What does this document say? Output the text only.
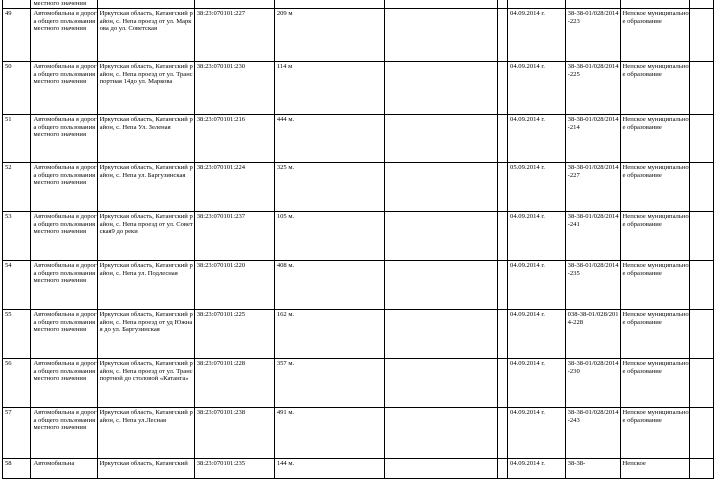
	местного значения									
49	Автомобильна я дорога общего пользования местного значения	Иркутская область, Катангский район, с. Непа проезд от ул. Маркова до ул. Советская	38:23:070101:227	209 м			04.09.2014 г.	38-38-01/028/2014-223	Непское муниципальное образование	
50	Автомобильна я дорога общего пользования местного значения	Иркутская область, Катангский район, с. Непа проезд от ул. Транспортная 14до ул. Маркова	38:23:070101:230	114 м			04.09.2014 г.	38-38-01/028/2014-225	Непское муниципальное образование	
51	Автомобильна я дорога общего пользования местного значения	Иркутская область, Катангский район, с. Непа Ул. Зеленая	38:23:070101:216	444 м.			04.09.2014 г.	38-38-01/028/2014-214	Непское муниципальное образование	
52	Автомобильна я дорога общего пользования местного значения	Иркутская область, Катангский район, с. Непа ул. Баргузинская	38:23:070101:224	325 м.			05.09.2014 г.	38-38-01/028/2014-227	Непское муниципальное образование	
53	Автомобильна я дорога общего пользования местного значения	Иркутская область, Катангский район, с. Непа проезд от ул. Советская9 до реки	38:23:070101:237	105 м.			04.09.2014 г.	38-38-01/028/2014-241	Непское муниципальное образование	
54	Автомобильна я дорога общего пользования местного значения	Иркутская область, Катангский район, с. Непа ул. Подлесная	38:23:070101:220	408 м.			04.09.2014 г.	38-38-01/028/2014-235	Непское муниципальное образование	
55	Автомобильна я дорога общего пользования местного значения	Иркутская область, Катангский район, с. Непа проезд от уд Южная до ул. Баргузинская	38:23:070101:225	162 м.			04.09.2014 г.	038-38-01/028/2014-228	Непское муниципальное образование	
56	Автомобильна я дорога общего пользования местного значения	Иркутская область, Катангский район, с. Непа проезд от ул. Транспортной до столовой «Катанга»	38:23:070101:228	357 м.			04.09.2014 г.	38-38-01/028/2014-230	Непское муниципальное образование	
57	Автомобильна я дорога общего пользования местного значения	Иркутская область, Катангский район, с. Непа ул.Лесная	38:23:070101:238	491 м.			04.09.2014 г.	38-38-01/028/2014-243	Непское муниципальное образование	
58	Автомобильна	Иркутская область, Катангский	38:23:070101:235	144 м.			04.09.2014 г.	38-38-	Непское	
